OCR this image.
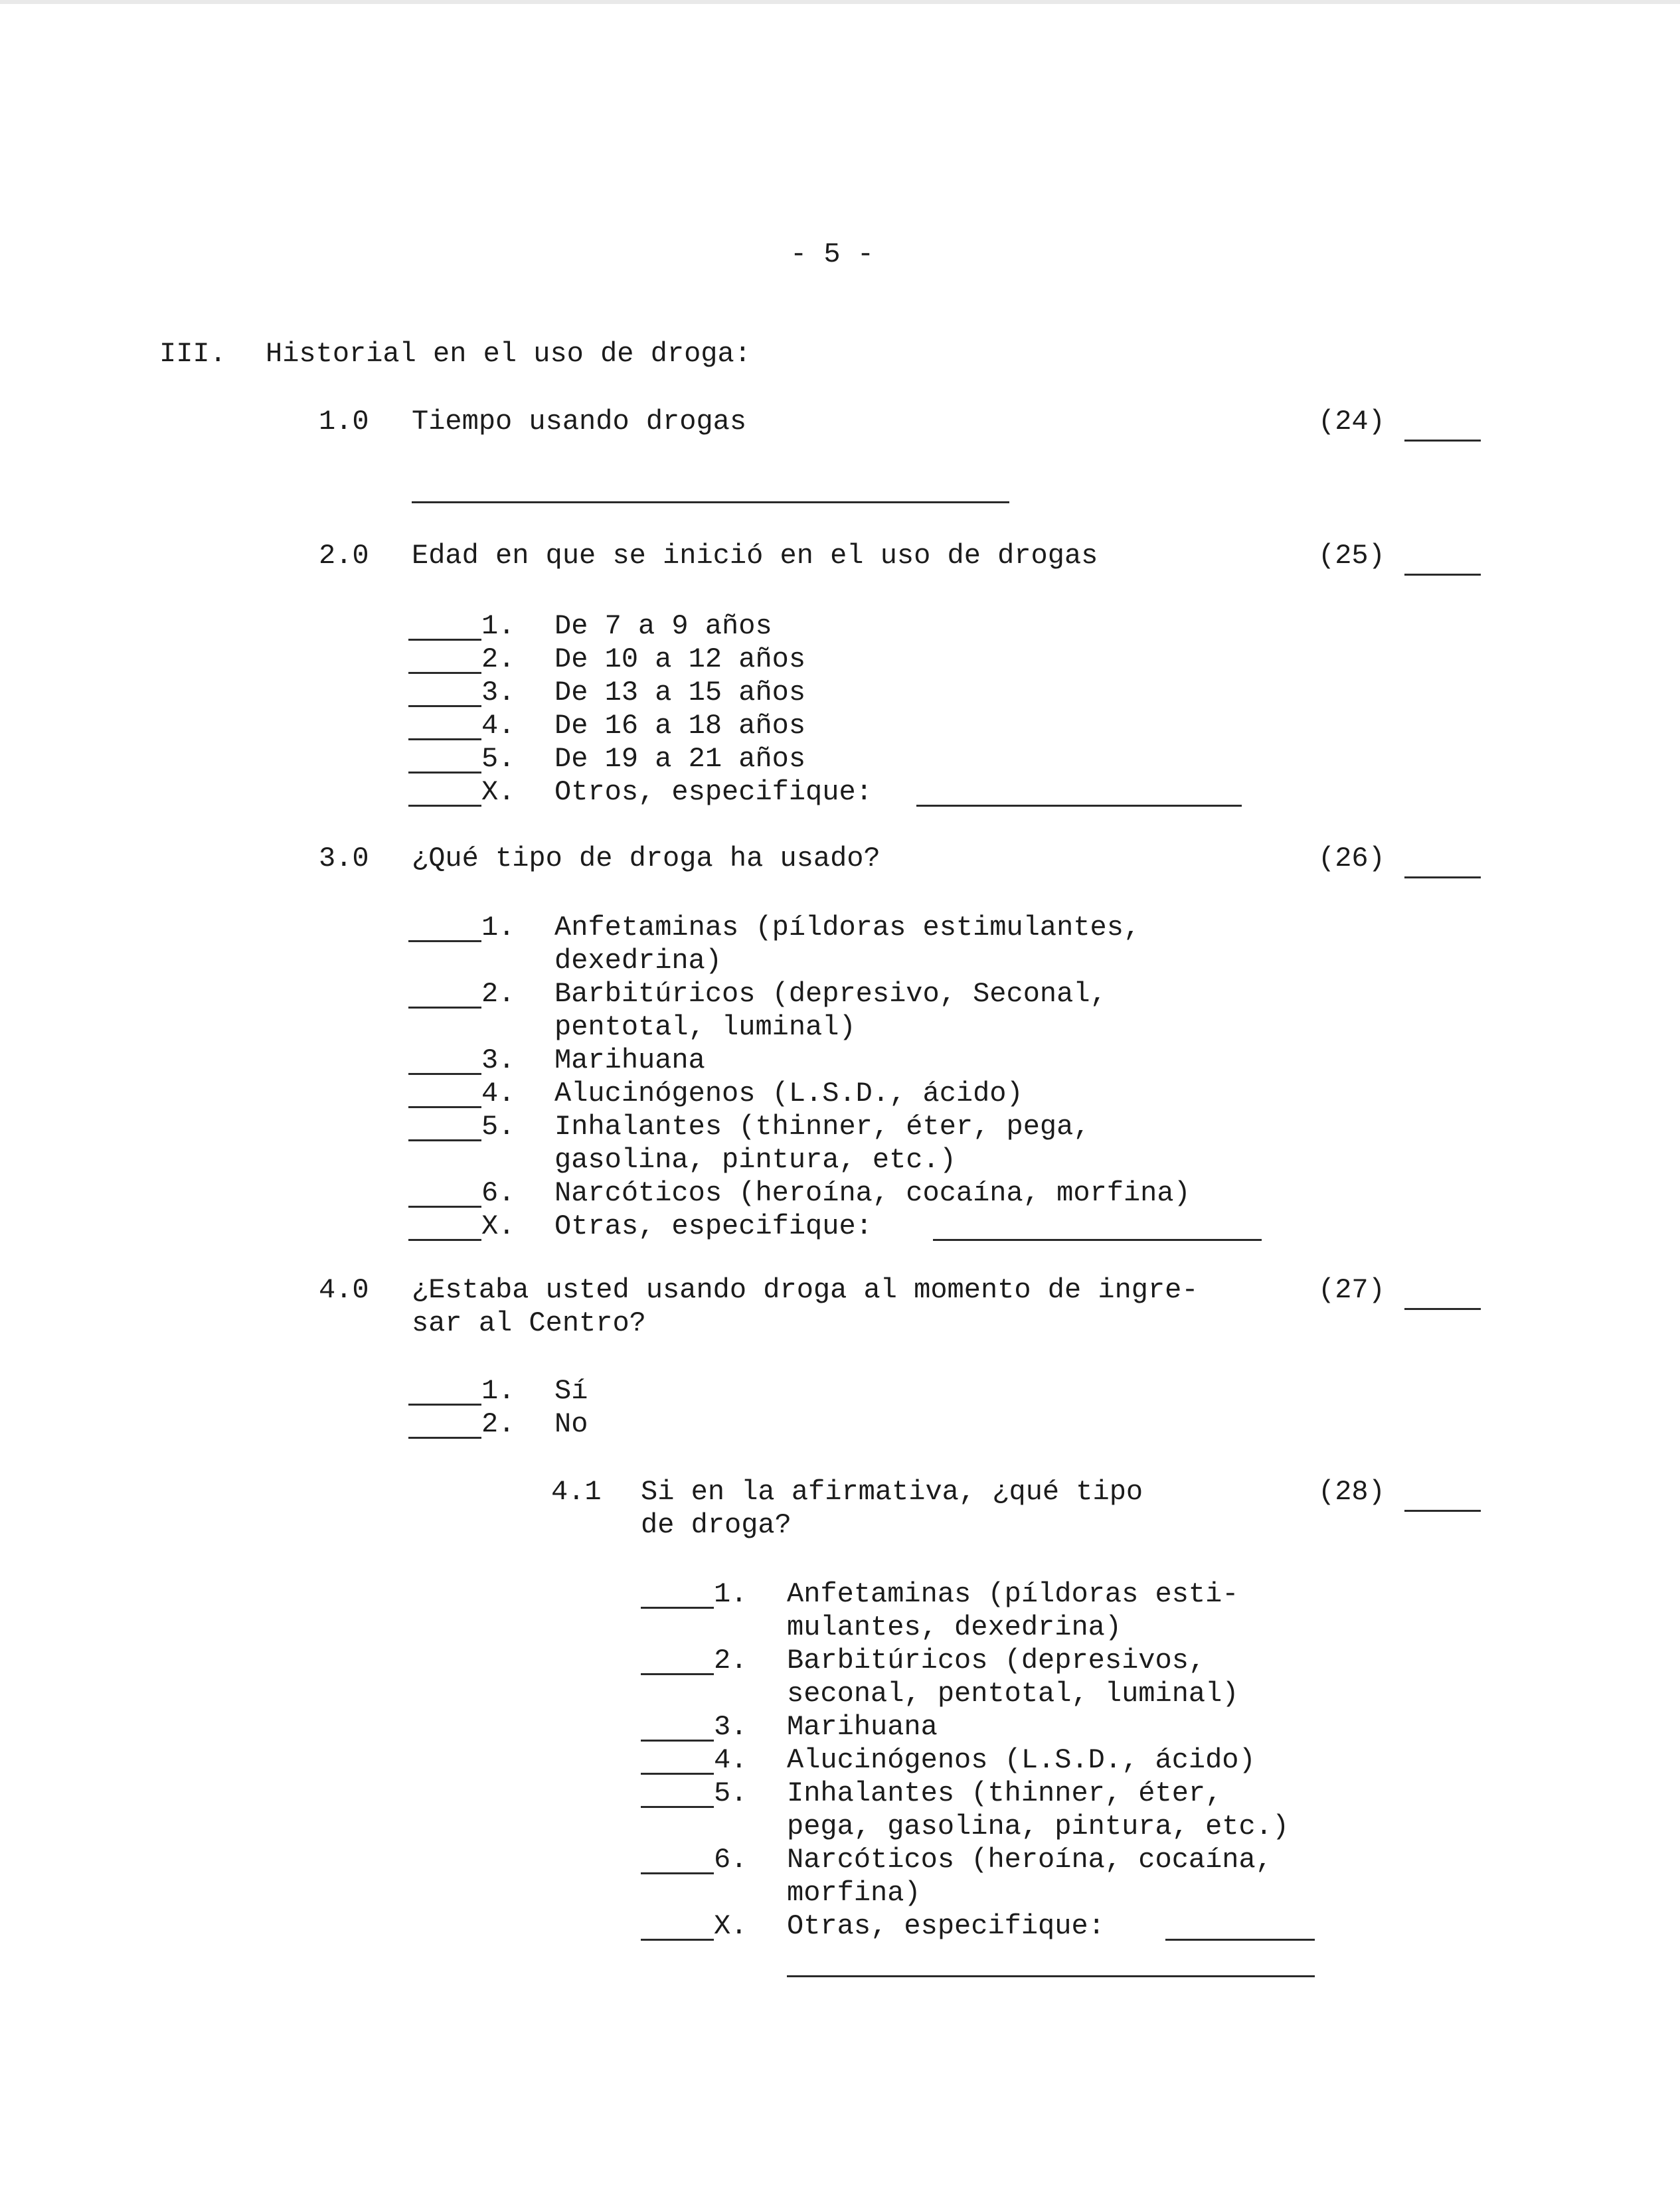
- 5 -
III. Historial en el uso de droga:
1.0 Tiempo usando drogas	(24)
2.0 Edad en que se inició en el uso de drogas	(25)
1. De 7 a 9 años
2. De 10 a 12 años
3. De 13 a 15 años
4. De 16 a 18 años
5. De 19 a 21 años
X. Otros, especifique:
3.0 ¿Qué tipo de droga ha usado?	(26)
1. Anfetaminas (píldoras estimulantes,
dexedrina)
2. Barbitúricos (depresivo, Seconal,
pentotal, luminal)
3. Marihuana
4. Alucinógenos (L.S.D., ácido)
5. Inhalantes (thinner, éter, pega,
gasolina, pintura, etc.)
6. Narcóticos (heroína, cocaína, morfina)
X. Otras, especifique:
4.0 ¿Estaba usted usando droga al momento de ingre-
sar al Centro?
(27)
1. Sí
2. No
4.1 Si en la afirmativa, ¿qué tipo
de droga?
(28)
1. Anfetaminas (píldoras esti-
mulantes, dexedrina)
2. Barbitúricos (depresivos,
seconal, pentotal, luminal)
3. Marihuana
4. Alucinógenos (L.S.D., ácido)
5. Inhalantes (thinner, éter,
pega, gasolina, pintura, etc.)
6. Narcóticos (heroína, cocaína,
morfina)
X. Otras, especifique:
